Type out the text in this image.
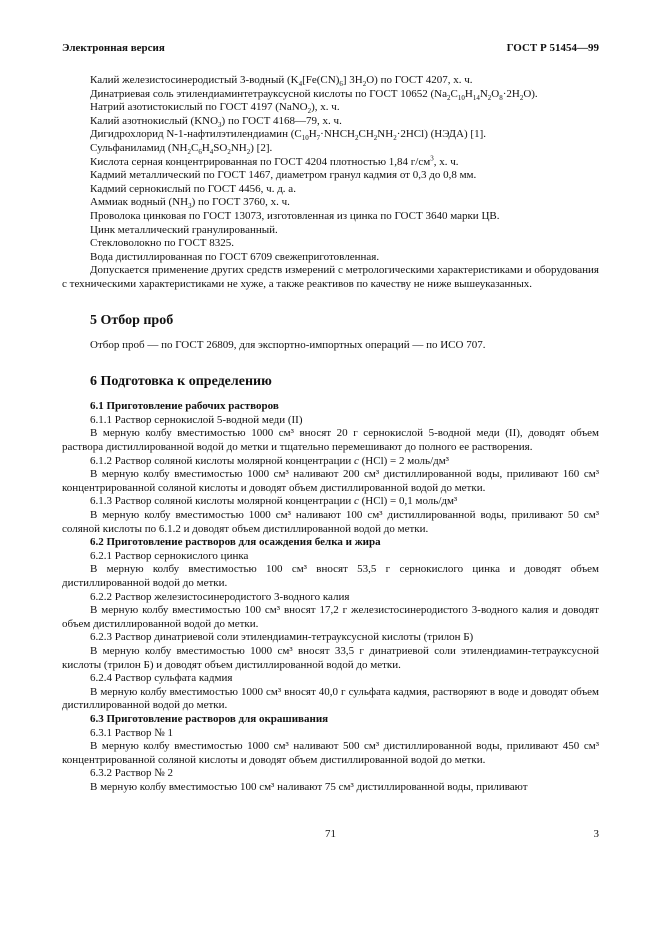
Электронная версия	ГОСТ Р 51454—99

Калий железистосинеродистый 3-водный ($K_4[Fe(CN)_6]$ $3H_2O$) по ГОСТ 4207, х. ч.

Динатриевая соль этилендиаминтетрауксусной кислоты по ГОСТ 10652 $(Na_2C_{10}H_{14}N_2O_8\cdot 2H_2O)$.

Натрий азотистокислый по ГОСТ 4197 (NaNO$_2$), х. ч.

Калий азотнокислый $(KNO_3)$ по ГОСТ 4168—79, х. ч.

Дигидрохлорид N-1-нафтилэтилендиамин $(C_{10}H_7\cdot NHCH_2CH_2NH_2\cdot 2HCl)$ (НЭДА) [1].

Сульфаниламид $(NH_2C_6H_4SO_2NH_2)$ [2].

Кислота серная концентрированная по ГОСТ 4204 плотностью 1,84 $г/см^3$, х. ч.

Кадмий металлический по ГОСТ 1467, диаметром гранул кадмия от 0,3 до 0,8 мм.

Кадмий сернокислый по ГОСТ 4456, ч. д. а.

Аммиак водный $(NH_3)$ по ГОСТ 3760, х. ч.

Проволока цинковая по ГОСТ 13073, изготовленная из цинка по ГОСТ 3640 марки ЦВ.

Цинк металлический гранулированный.

Стекловолокно по ГОСТ 8325.

Вода дистиллированная по ГОСТ 6709 свежеприготовленная.

Допускается применение других средств измерений с метрологическими характеристиками и оборудования с техническими характеристиками не хуже, а также реактивов по качеству не ниже вышеуказанных.

5 Отбор проб

Отбор проб — по ГОСТ 26809, для экспортно-импортных операций — по ИСО 707.

6 Подготовка к определению

6.1 Приготовление рабочих растворов

6.1.1 Раствор сернокислой 5-водной меди (II)

В мерную колбу вместимостью 1000 см³ вносят 20 г сернокислой 5-водной меди (II), доводят объем раствора дистиллированной водой до метки и тщательно перемешивают до полного ее растворения.

6.1.2 Раствор соляной кислоты молярной концентрации c (HCl) = 2 моль/дм³

В мерную колбу вместимостью 1000 см³ наливают 200 см³ дистиллированной воды, приливают 160 см³ концентрированной соляной кислоты и доводят объем дистиллированной водой до метки.

6.1.3 Раствор соляной кислоты молярной концентрации c (HCl) = 0,1 моль/дм³

В мерную колбу вместимостью 1000 см³ наливают 100 см³ дистиллированной воды, приливают 50 см³ соляной кислоты по 6.1.2 и доводят объем дистиллированной водой до метки.

6.2 Приготовление растворов для осаждения белка и жира

6.2.1 Раствор сернокислого цинка

В мерную колбу вместимостью 100 см³ вносят 53,5 г сернокислого цинка и доводят объем дистиллированной водой до метки.

6.2.2 Раствор железистосинеродистого 3-водного калия

В мерную колбу вместимостью 100 см³ вносят 17,2 г железистосинеродистого 3-водного калия и доводят объем дистиллированной водой до метки.

6.2.3 Раствор динатриевой соли этилендиамин-тетрауксусной кислоты (трилон Б)

В мерную колбу вместимостью 1000 см³ вносят 33,5 г динатриевой соли этилендиамин-тетрауксусной кислоты (трилон Б) и доводят объем дистиллированной водой до метки.

6.2.4 Раствор сульфата кадмия

В мерную колбу вместимостью 1000 см³ вносят 40,0 г сульфата кадмия, растворяют в воде и доводят объем дистиллированной водой до метки.

6.3 Приготовление растворов для окрашивания

6.3.1 Раствор № 1

В мерную колбу вместимостью 1000 см³ наливают 500 см³ дистиллированной воды, приливают 450 см³ концентрированной соляной кислоты и доводят объем дистиллированной водой до метки.

6.3.2 Раствор № 2

В мерную колбу вместимостью 100 см³ наливают 75 см³ дистиллированной воды, приливают

71	3
